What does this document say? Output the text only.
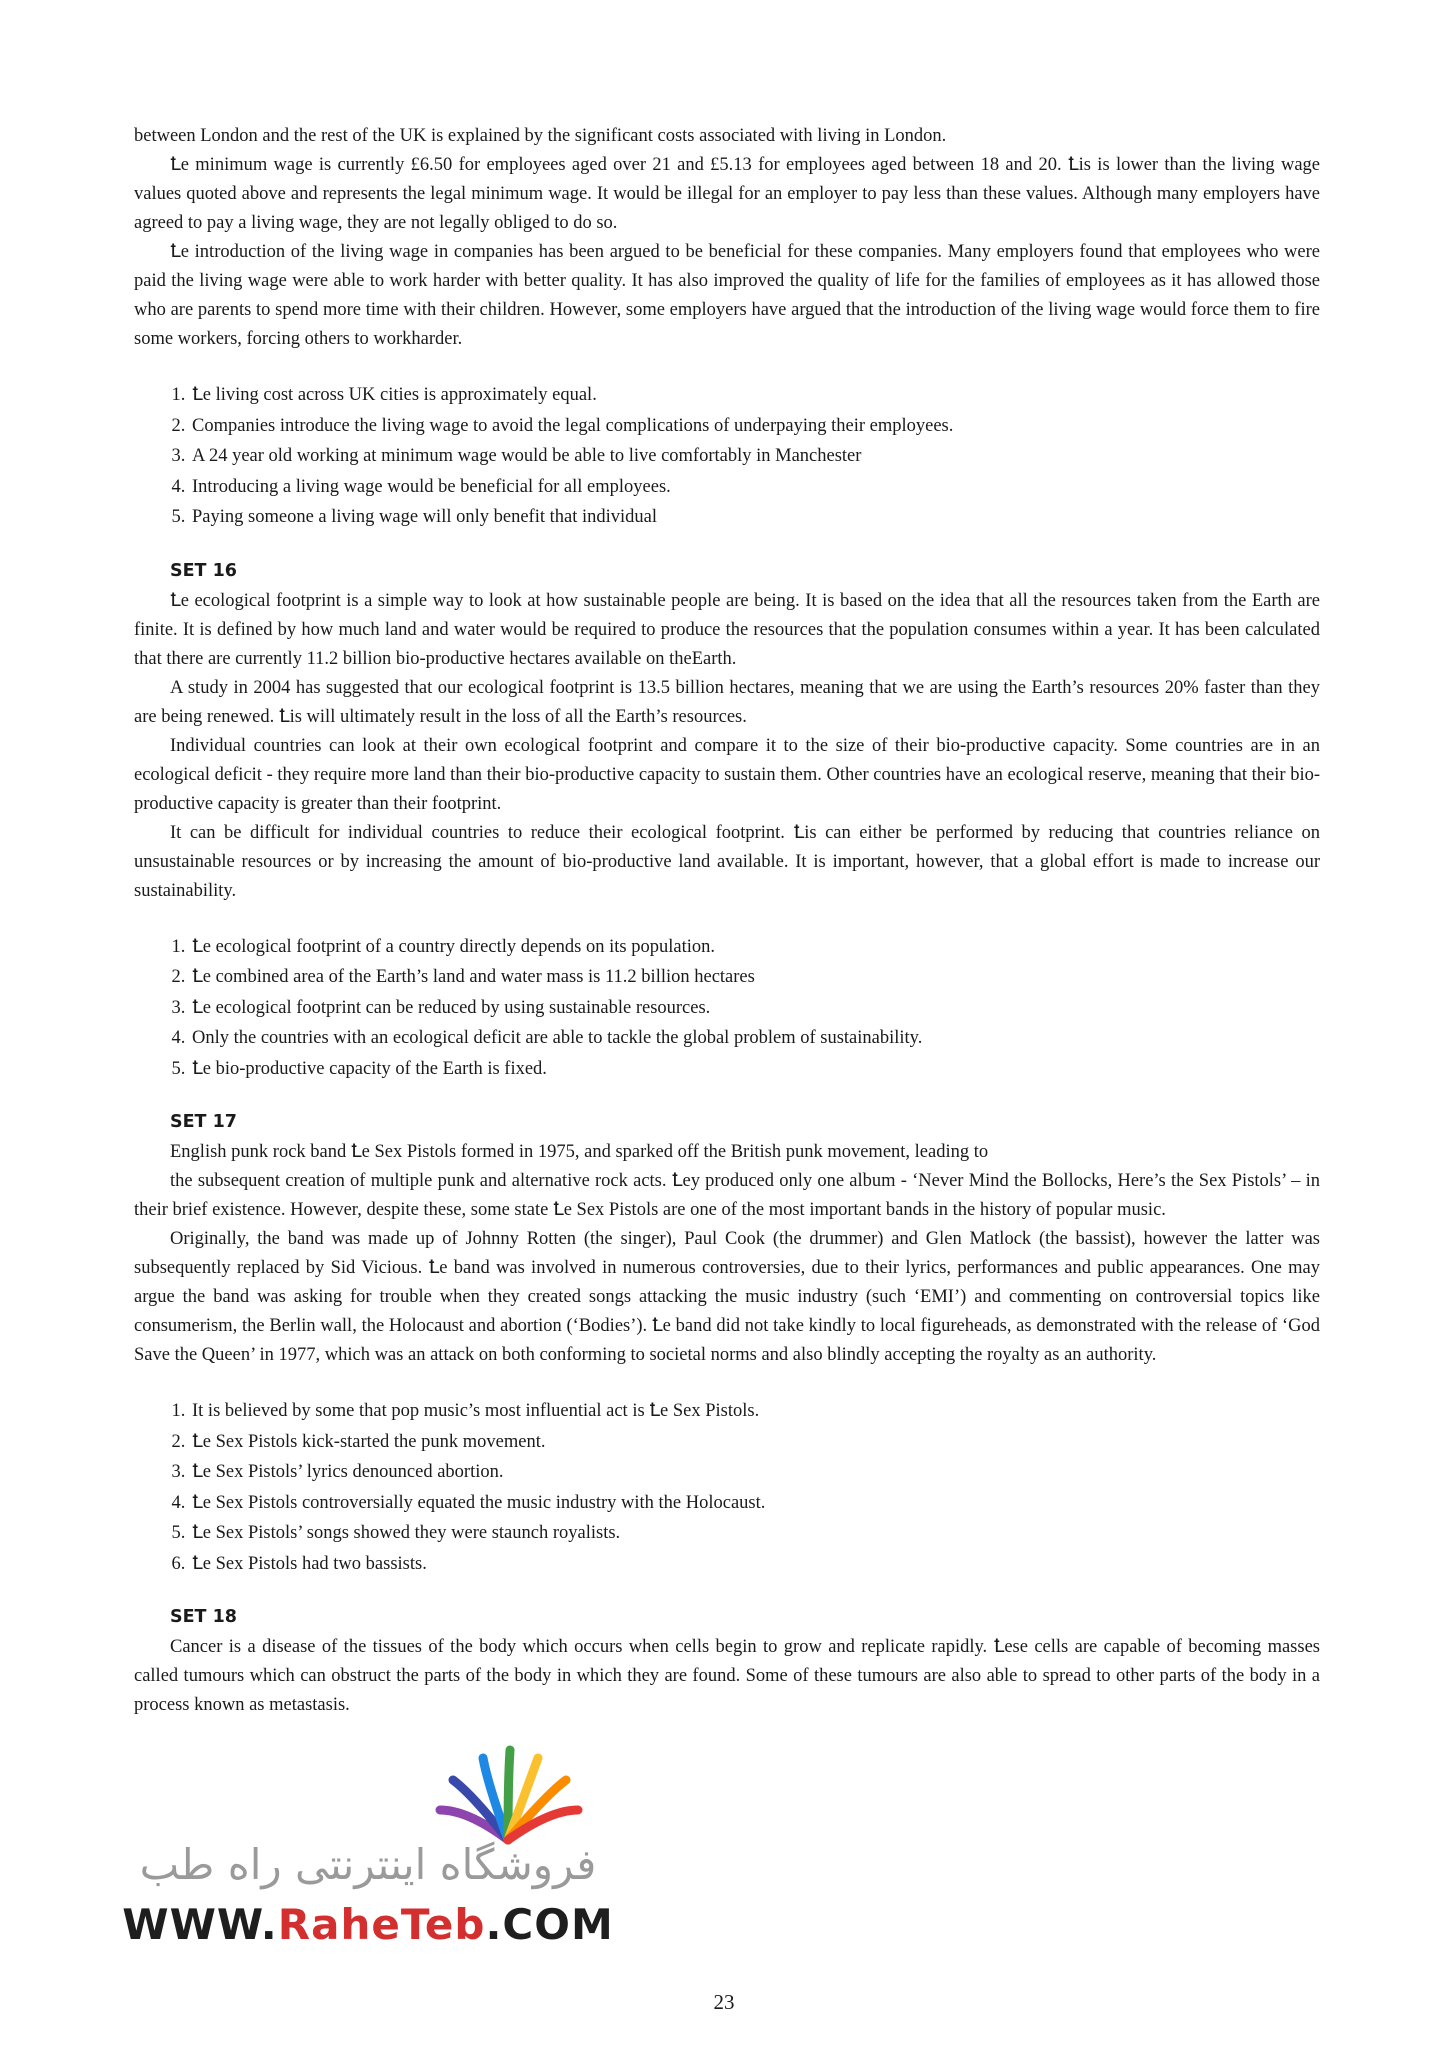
between London and the rest of the UK is explained by the significant costs associated with living in London.

Ꝉe minimum wage is currently £6.50 for employees aged over 21 and £5.13 for employees aged between 18 and 20. Ꝉis is lower than the living wage values quoted above and represents the legal minimum wage. It would be illegal for an employer to pay less than these values. Although many employers have agreed to pay a living wage, they are not legally obliged to do so.

Ꝉe introduction of the living wage in companies has been argued to be beneficial for these companies. Many employers found that employees who were paid the living wage were able to work harder with better quality. It has also improved the quality of life for the families of employees as it has allowed those who are parents to spend more time with their children. However, some employers have argued that the introduction of the living wage would force them to fire some workers, forcing others to workharder.

1. Ꝉe living cost across UK cities is approximately equal.
2. Companies introduce the living wage to avoid the legal complications of underpaying their employees.
3. A 24 year old working at minimum wage would be able to live comfortably in Manchester
4. Introducing a living wage would be beneficial for all employees.
5. Paying someone a living wage will only benefit that individual
SET 16

Ꝉe ecological footprint is a simple way to look at how sustainable people are being. It is based on the idea that all the resources taken from the Earth are finite. It is defined by how much land and water would be required to produce the resources that the population consumes within a year. It has been calculated that there are currently 11.2 billion bio-productive hectares available on theEarth.

A study in 2004 has suggested that our ecological footprint is 13.5 billion hectares, meaning that we are using the Earth’s resources 20% faster than they are being renewed. Ꝉis will ultimately result in the loss of all the Earth’s resources.

Individual countries can look at their own ecological footprint and compare it to the size of their bio-productive capacity. Some countries are in an ecological deficit - they require more land than their bio-productive capacity to sustain them. Other countries have an ecological reserve, meaning that their bio-productive capacity is greater than their footprint.

It can be difficult for individual countries to reduce their ecological footprint. Ꝉis can either be performed by reducing that countries reliance on unsustainable resources or by increasing the amount of bio-productive land available. It is important, however, that a global effort is made to increase our sustainability.

1. Ꝉe ecological footprint of a country directly depends on its population.
2. Ꝉe combined area of the Earth’s land and water mass is 11.2 billion hectares
3. Ꝉe ecological footprint can be reduced by using sustainable resources.
4. Only the countries with an ecological deficit are able to tackle the global problem of sustainability.
5. Ꝉe bio-productive capacity of the Earth is fixed.
SET 17

English punk rock band Ꝉe Sex Pistols formed in 1975, and sparked off the British punk movement, leading to

the subsequent creation of multiple punk and alternative rock acts. Ꝉey produced only one album - ‘Never Mind the Bollocks, Here’s the Sex Pistols’ – in their brief existence. However, despite these, some state Ꝉe Sex Pistols are one of the most important bands in the history of popular music.

Originally, the band was made up of Johnny Rotten (the singer), Paul Cook (the drummer) and Glen Matlock (the bassist), however the latter was subsequently replaced by Sid Vicious. Ꝉe band was involved in numerous controversies, due to their lyrics, performances and public appearances. One may argue the band was asking for trouble when they created songs attacking the music industry (such ‘EMI’) and commenting on controversial topics like consumerism, the Berlin wall, the Holocaust and abortion (‘Bodies’). Ꝉe band did not take kindly to local figureheads, as demonstrated with the release of ‘God Save the Queen’ in 1977, which was an attack on both conforming to societal norms and also blindly accepting the royalty as an authority.

1. It is believed by some that pop music’s most influential act is Ꝉe Sex Pistols.
2. Ꝉe Sex Pistols kick-started the punk movement.
3. Ꝉe Sex Pistols’ lyrics denounced abortion.
4. Ꝉe Sex Pistols controversially equated the music industry with the Holocaust.
5. Ꝉe Sex Pistols’ songs showed they were staunch royalists.
6. Ꝉe Sex Pistols had two bassists.
SET 18

Cancer is a disease of the tissues of the body which occurs when cells begin to grow and replicate rapidly. Ꝉese cells are capable of becoming masses called tumours which can obstruct the parts of the body in which they are found. Some of these tumours are also able to spread to other parts of the body in a process known as metastasis.

فروشگاه اینترنتی راه طب
WWW.RaheTeb.COM
23
